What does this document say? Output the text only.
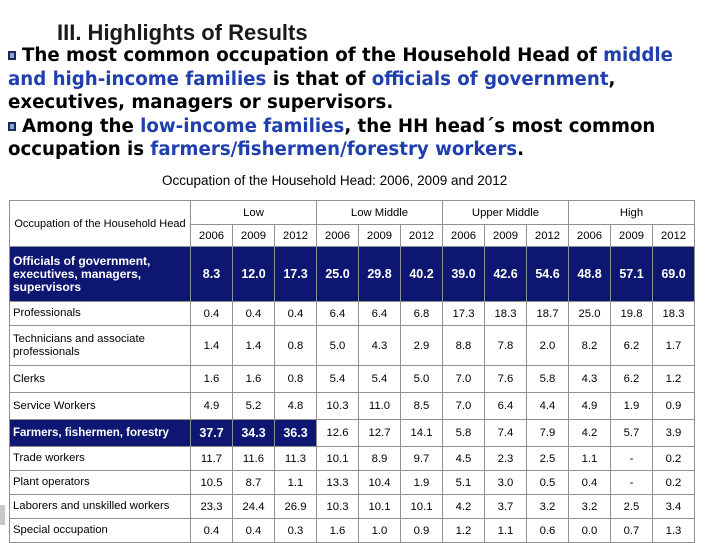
III. Highlights of Results

The most common occupation of the Household Head of middle and high-income families is that of officials of government, executives, managers or supervisors.

Among the low-income families, the HH head´s most common occupation is farmers/fishermen/forestry workers.

Occupation of the Household Head: 2006, 2009 and 2012
Occupation of the Household Head	Low			Low Middle			Upper Middle			High		
	2006	2009	2012	2006	2009	2012	2006	2009	2012	2006	2009	2012
Officials of government, executives, managers, supervisors	8.3	12.0	17.3	25.0	29.8	40.2	39.0	42.6	54.6	48.8	57.1	69.0
Professionals	0.4	0.4	0.4	6.4	6.4	6.8	17.3	18.3	18.7	25.0	19.8	18.3
Technicians and associate professionals	1.4	1.4	0.8	5.0	4.3	2.9	8.8	7.8	2.0	8.2	6.2	1.7
Clerks	1.6	1.6	0.8	5.4	5.4	5.0	7.0	7.6	5.8	4.3	6.2	1.2
Service Workers	4.9	5.2	4.8	10.3	11.0	8.5	7.0	6.4	4.4	4.9	1.9	0.9
Farmers, fishermen, forestry	37.7	34.3	36.3	12.6	12.7	14.1	5.8	7.4	7.9	4.2	5.7	3.9
Trade workers	11.7	11.6	11.3	10.1	8.9	9.7	4.5	2.3	2.5	1.1	-	0.2
Plant operators	10.5	8.7	1.1	13.3	10.4	1.9	5.1	3.0	0.5	0.4	-	0.2
Laborers and unskilled workers	23.3	24.4	26.9	10.3	10.1	10.1	4.2	3.7	3.2	3.2	2.5	3.4
Special occupation	0.4	0.4	0.3	1.6	1.0	0.9	1.2	1.1	0.6	0.0	0.7	1.3
